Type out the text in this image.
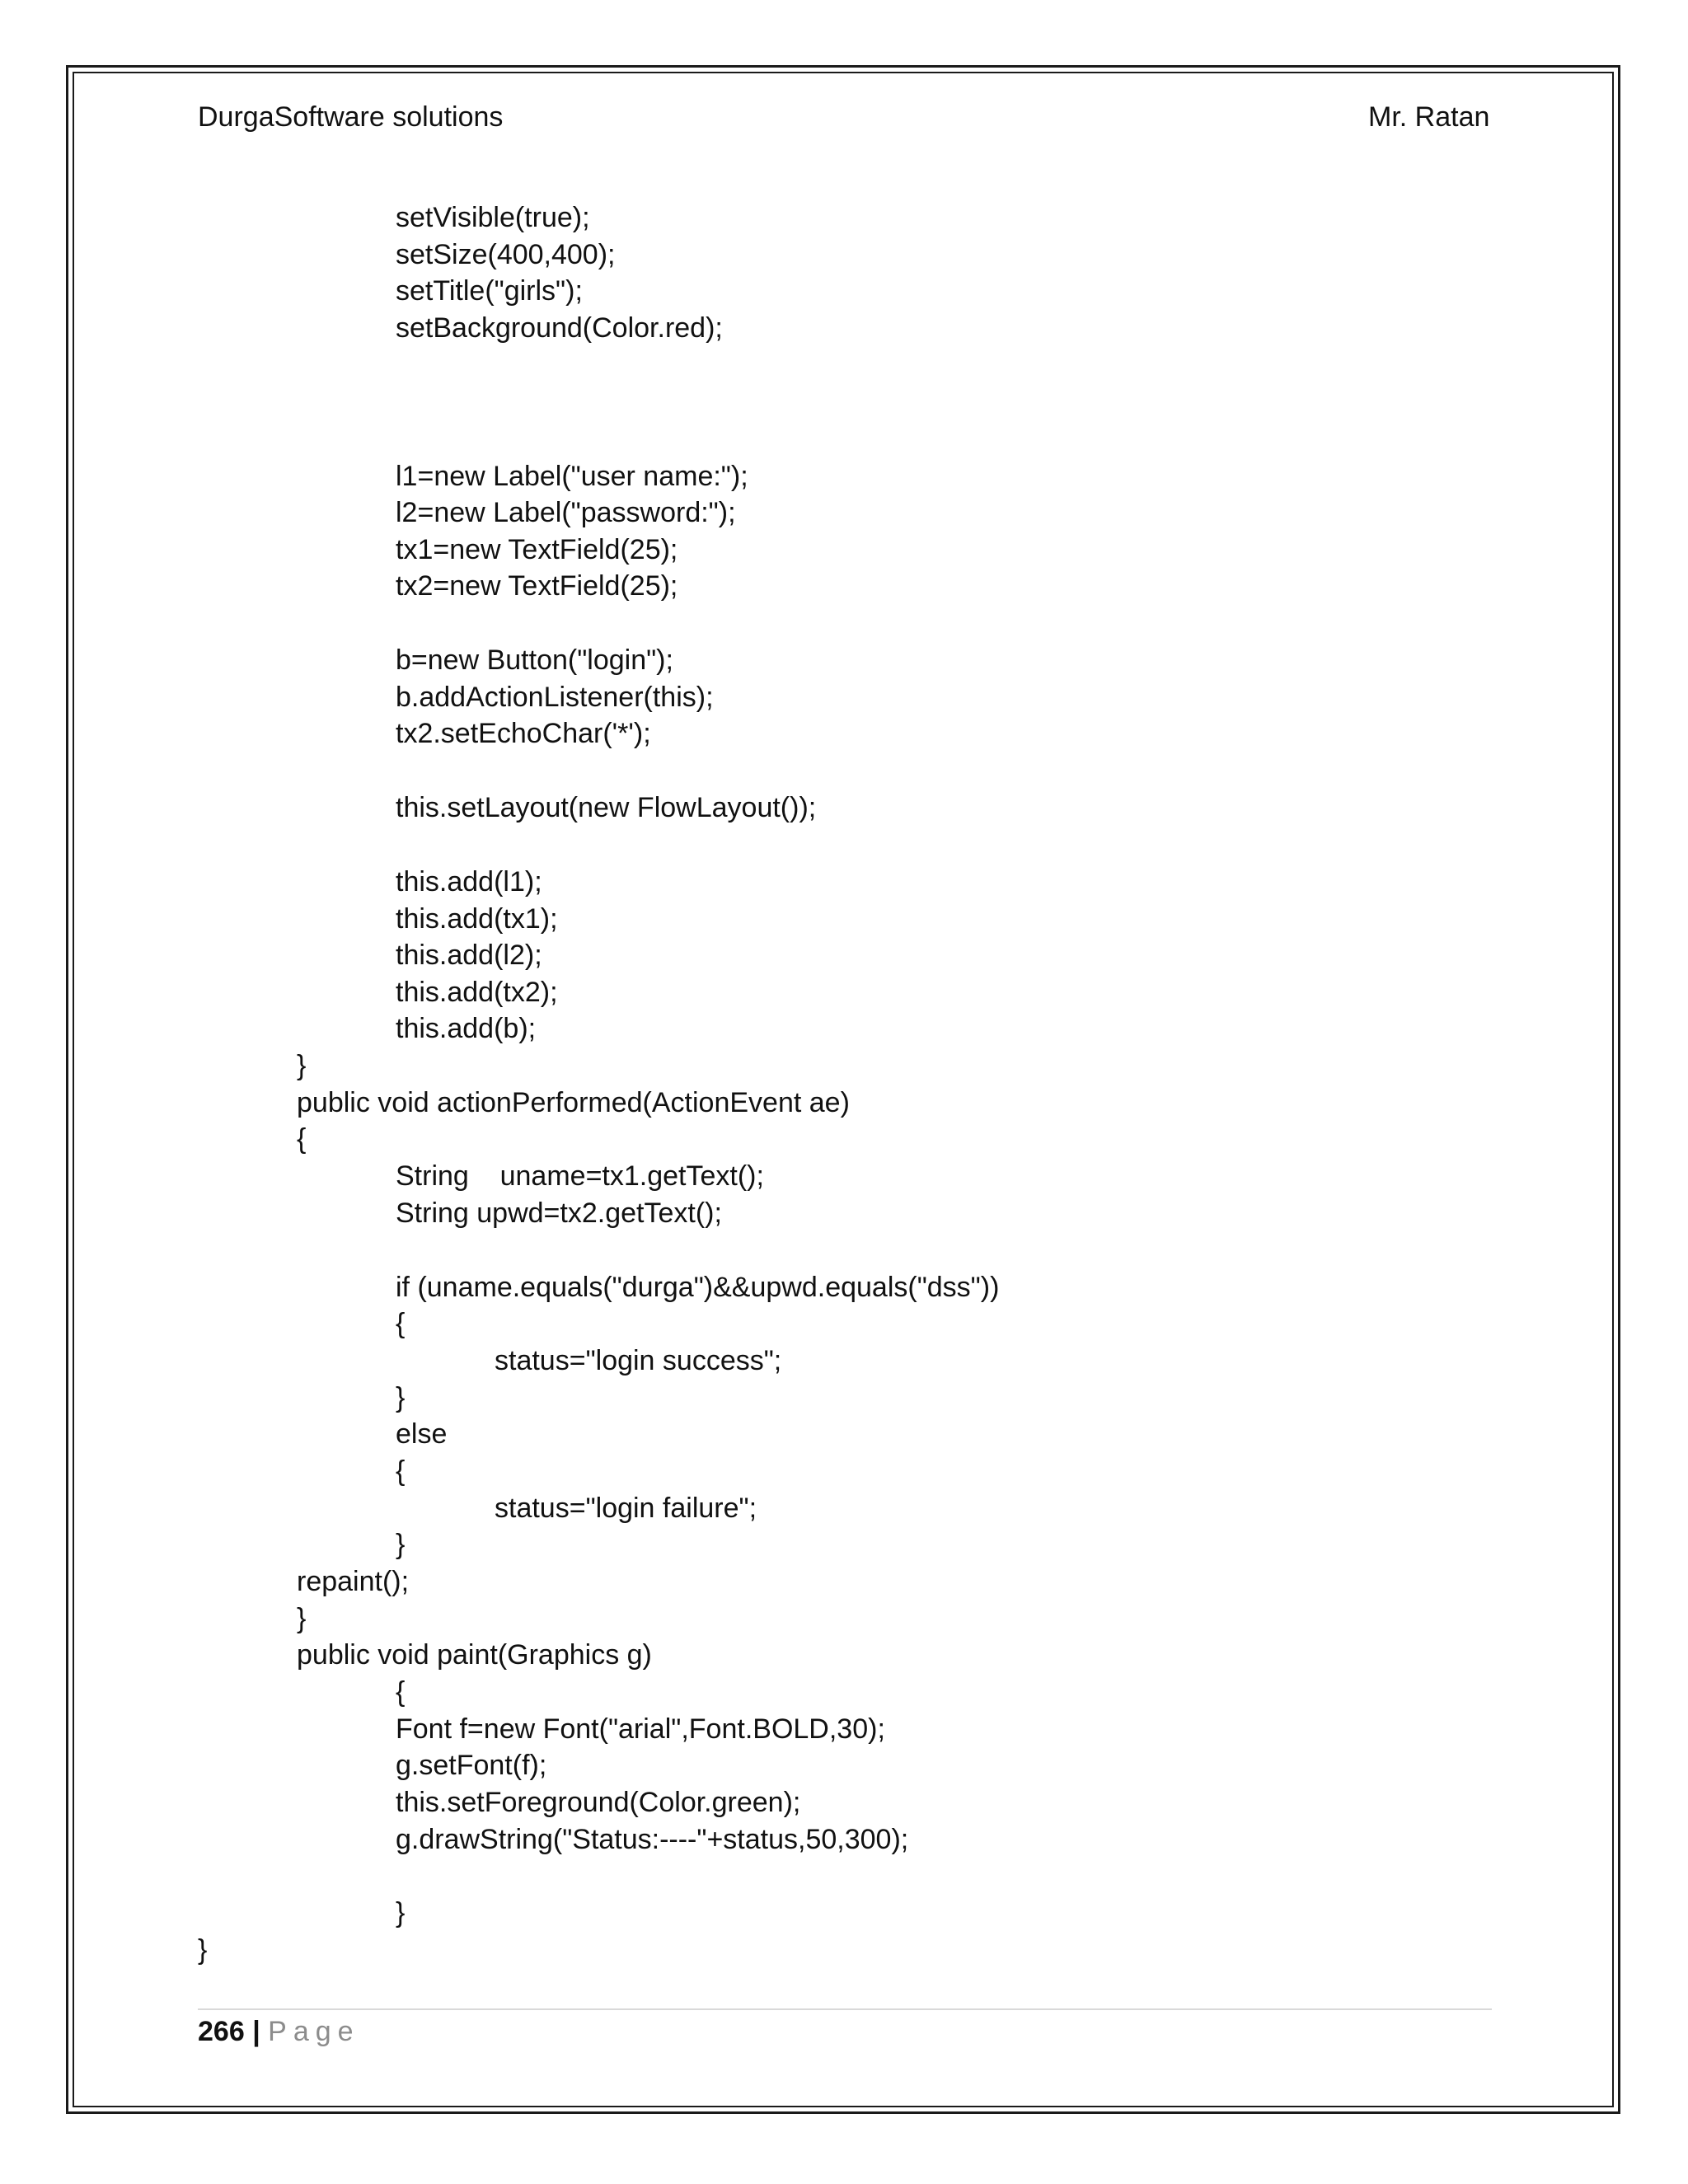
DurgaSoftware solutions	Mr. Ratan
setVisible(true);
setSize(400,400);
setTitle("girls");
setBackground(Color.red);
l1=new Label("user name:");
l2=new Label("password:");
tx1=new TextField(25);
tx2=new TextField(25);
b=new Button("login");
b.addActionListener(this);
tx2.setEchoChar('*');
this.setLayout(new FlowLayout());
this.add(l1);
this.add(tx1);
this.add(l2);
this.add(tx2);
this.add(b);
}
public void actionPerformed(ActionEvent ae)
{
String    uname=tx1.getText();
String upwd=tx2.getText();
if (uname.equals("durga")&&upwd.equals("dss"))
{
status="login success";
}
else
{
status="login failure";
}
repaint();
}
public void paint(Graphics g)
{
Font f=new Font("arial",Font.BOLD,30);
g.setFont(f);
this.setForeground(Color.green);
g.drawString("Status:----"+status,50,300);
}
}
266 | Page
